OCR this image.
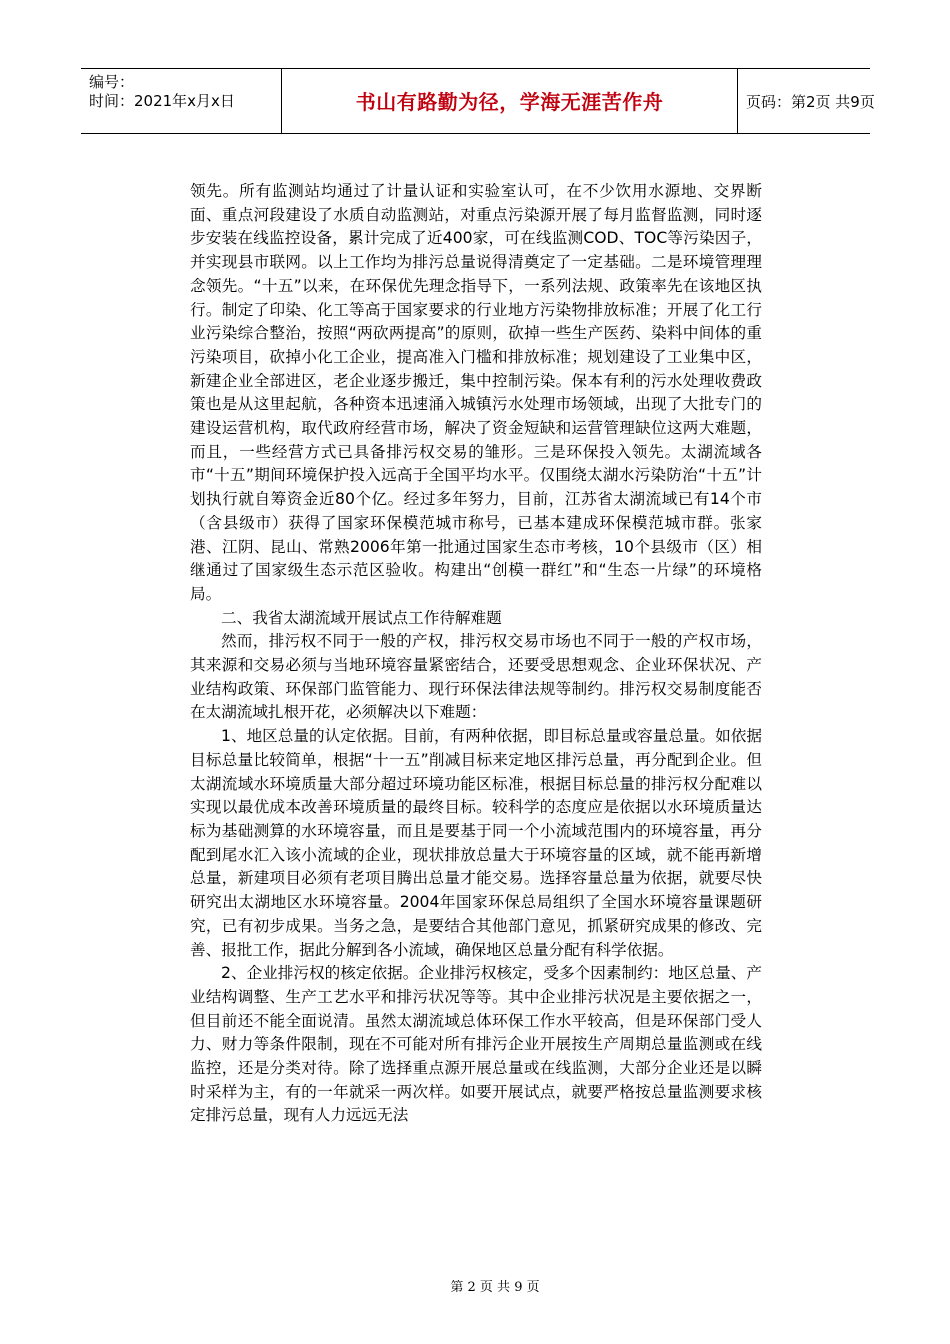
编号：
时间：2021年x月x日	书山有路勤为径，学海无涯苦作舟	页码：第2页 共9页

领先。所有监测站均通过了计量认证和实验室认可，在不少饮用水源地、交界断面、重点河段建设了水质自动监测站，对重点污染源开展了每月监督监测，同时逐步安装在线监控设备，累计完成了近400家，可在线监测COD、TOC等污染因子，并实现县市联网。以上工作均为排污总量说得清奠定了一定基础。二是环境管理理念领先。“十五”以来，在环保优先理念指导下，一系列法规、政策率先在该地区执行。制定了印染、化工等高于国家要求的行业地方污染物排放标准；开展了化工行业污染综合整治，按照“两砍两提高”的原则，砍掉一些生产医药、染料中间体的重污染项目，砍掉小化工企业，提高准入门槛和排放标准；规划建设了工业集中区，新建企业全部进区，老企业逐步搬迁，集中控制污染。保本有利的污水处理收费政策也是从这里起航，各种资本迅速涌入城镇污水处理市场领域，出现了大批专门的建设运营机构，取代政府经营市场，解决了资金短缺和运营管理缺位这两大难题，而且，一些经营方式已具备排污权交易的雏形。三是环保投入领先。太湖流域各市“十五”期间环境保护投入远高于全国平均水平。仅围绕太湖水污染防治“十五”计划执行就自筹资金近80个亿。经过多年努力，目前，江苏省太湖流域已有14个市（含县级市）获得了国家环保模范城市称号，已基本建成环保模范城市群。张家港、江阴、昆山、常熟2006年第一批通过国家生态市考核，10个县级市（区）相继通过了国家级生态示范区验收。构建出“创模一群红”和“生态一片绿”的环境格局。

二、我省太湖流域开展试点工作待解难题

然而，排污权不同于一般的产权，排污权交易市场也不同于一般的产权市场，其来源和交易必须与当地环境容量紧密结合，还要受思想观念、企业环保状况、产业结构政策、环保部门监管能力、现行环保法律法规等制约。排污权交易制度能否在太湖流域扎根开花，必须解决以下难题：

1、地区总量的认定依据。目前，有两种依据，即目标总量或容量总量。如依据目标总量比较简单，根据“十一五”削减目标来定地区排污总量，再分配到企业。但太湖流域水环境质量大部分超过环境功能区标准，根据目标总量的排污权分配难以实现以最优成本改善环境质量的最终目标。较科学的态度应是依据以水环境质量达标为基础测算的水环境容量，而且是要基于同一个小流域范围内的环境容量，再分配到尾水汇入该小流域的企业，现状排放总量大于环境容量的区域，就不能再新增总量，新建项目必须有老项目腾出总量才能交易。选择容量总量为依据，就要尽快研究出太湖地区水环境容量。2004年国家环保总局组织了全国水环境容量课题研究，已有初步成果。当务之急，是要结合其他部门意见，抓紧研究成果的修改、完善、报批工作，据此分解到各小流域，确保地区总量分配有科学依据。

2、企业排污权的核定依据。企业排污权核定，受多个因素制约：地区总量、产业结构调整、生产工艺水平和排污状况等等。其中企业排污状况是主要依据之一，但目前还不能全面说清。虽然太湖流域总体环保工作水平较高，但是环保部门受人力、财力等条件限制，现在不可能对所有排污企业开展按生产周期总量监测或在线监控，还是分类对待。除了选择重点源开展总量或在线监测，大部分企业还是以瞬时采样为主，有的一年就采一两次样。如要开展试点，就要严格按总量监测要求核定排污总量，现有人力远远无法

第 2 页 共 9 页
